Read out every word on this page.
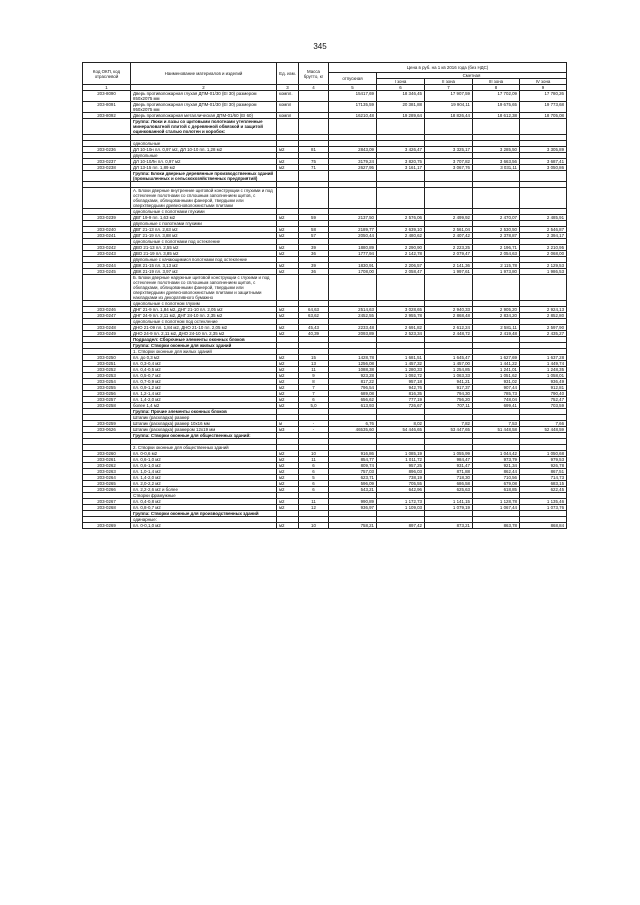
345
Код ОКП, код отраслевой	Наименование материалов и изделий	Ед. изм.	Масса брутто, кг	Цена в руб. на 1 кв 2016 года (без НДС)				
				отпускная	Сметная			
					I зона	II зона	III зона	IV зона
1	2	3	4	5	6	7	8	9
203-8090	Дверь противопожарная глухая ДПМ-01/30 (EI 30) размером 850х2075 мм	компл.		15417,69	18 346,45	17 907,59	17 702,09	17 780,26
203-8091	Дверь противопожарная глухая ДПМ-01/30 (EI 30) размером 950х2075 мм	компл		17135,59	20 381,88	19 904,11	19 675,65	19 773,68
203-8092	Дверь противопожарная металлическая ДПМ-01/60 (EI 60)	компл		16210,48	19 289,64	18 826,44	18 612,38	18 705,08
	Группа: Люки и лазы со щитовыми полотнами утепленные минераловатной плитой с деревянной обвязкой и защитой оцинкованной сталью полотен и коробок:							

	однопольные							
203-0236	ДЛ 10-10н пл. 0,97 м2, ДЛ 10-10 пл. 1,28 м2	м2	81	2843,09	3 426,47	3 325,17	3 285,50	3 305,89
	двупольные							
203-0237	ДЛ 10-10Лн пл. 0,97 м2	м2	75	3179,24	3 820,75	3 707,82	3 663,56	3 687,41
203-0238	ДЛ 13-15 пл. 1,89 м2	м2	71	2627,95	3 161,17	3 067,76	3 031,11	3 050,86
	Группа: Блоки дверные деревянные производственных зданий (промышленных и сельскохозяйственных предприятий)							

	А. Блоки дверные внутренние щитовой конструкции с глухими и под остекление полотнами со сплошным заполнением щитов, с обкладками, облицованными фанерой, твердыми или сверхтвердыми древесноволокнистыми плитами							
	однопольные с полотнами глухими							
203-0239	ДВГ 19-9 пл. 1,63 м2	м2	59	2137,50	2 576,06	2 499,92	2 470,07	2 485,91
	двупольные с полотнами глухими							
203-0240	ДВГ 21-13 пл. 2,63 м2	м2	58	2189,77	2 639,10	2 561,04	2 530,50	2 546,87
203-0241	ДВГ 21-19 пл. 3,88 м2	м2	57	2050,44	2 480,62	2 407,42	2 378,87	2 394,17
	однопольные с полотнами под остекление							
203-0242	ДВО 21-13 пл. 2,55 м2	м2	39	1880,89	2 290,90	2 223,25	2 196,71	2 210,95
203-0243	ДВО 21-19 пл. 3,85 м2	м2	36	1777,94	2 142,78	2 079,47	2 054,63	2 068,00
	двупольные с качающимися полотнами под остекление							
203-0244	ДВК 21-15 пл. 3,13 м2	м2	39	1830,91	2 206,57	2 141,36	2 115,78	2 129,53
203-0245	ДВК 21-19 пл. 3,97 м2	м2	36	1708,00	2 058,47	1 997,61	1 973,80	1 986,53
	Б. Блоки дверные наружные щитовой конструкции с глухими и под остекление полотнами со сплошным заполнением щитов, с обкладками, облицованными фанерой, твердыми или сверхтвердыми древесноволокнистыми плитами и защитными накладками из декоративного бумажно							
	однопольные с полотном глухим							
203-0246	ДНГ 21-9 пл. 1,84 м2, ДНГ 21-10 пл. 2,05 м2	м2	64,63	2514,63	3 028,65	2 940,33	2 905,20	2 924,13
203-0247	ДНГ 24-9 пл. 2,11 м2, ДНГ 24-10 пл. 2,35 м2	м2	63,62	2452,55	2 955,78	2 868,48	2 834,20	2 852,80
	однопольные с полотном под остекление							
203-0248	ДНО 21-09 пл. 1,84 м2, ДНО 21-10 пл. 2,05 м2	м2	45,43	2233,48	2 691,82	2 612,24	2 581,11	2 597,90
203-0249	ДНО 24-9 пл. 2,11 м2, ДНО 24-10 пл. 2,35 м2	м2	40,39	2093,89	2 523,34	2 448,72	2 419,48	2 435,27
	Подраздел: Сборочные элементы оконных блоков							
	Группа: Створки оконные для жилых зданий							
	1. Створки оконные для жилых зданий							
203-0250	пл. до 0,3 м2	м2	15	1428,78	1 681,51	1 645,47	1 627,69	1 637,28
203-0251	пл. 0,3-0,4 м2	м2	13	1256,08	1 457,32	1 457,00	1 441,22	1 449,74
203-0252	пл. 0,4-0,5 м2	м2	11	1088,38	1 280,33	1 254,85	1 241,01	1 248,35
203-0253	пл. 0,5-0,7 м2	м2	9	923,28	1 092,72	1 063,33	1 051,62	1 058,01
203-0254	пл. 0,7-0,9 м2	м2	8	817,22	957,18	941,21	931,02	936,49
203-0255	пл. 0,9-1,2 м2	м2	7	796,54	942,76	917,37	907,44	912,81
203-0256	пл. 1,2-1,4 м2	м2	7	689,08	816,35	794,30	785,73	790,40
203-0257	пл. 1,4-2,0 м2	м2	6	656,62	777,19	756,20	748,04	752,47
203-0258	более 1,4 м2	м2	5,0	613,93	726,67	707,11	699,41	703,59
	Группа: Прочие элементы оконных блоков							
	Штапик (раскладка) размер							
203-0259	Штапик (раскладка) размер 10х16 мм	м	-	6,76	8,02	7,82	7,53	7,66
203-0626	Штапик (раскладка) размером 12х19 мм	м3	-	46535,60	54 446,65	53 447,65	51 448,58	52 448,59
	Группа: Створки оконные для общественных зданий:							

	2. Створки оконные для общественных зданий							
203-0260	пл. 0-0,6 м2	м2	10	916,86	1 085,19	1 055,99	1 044,42	1 050,68
203-0261	пл. 0,6-1,0 м2	м2	11	854,77	1 011,72	984,47	973,79	979,53
203-0262	пл. 0,6-1,0 м2	м2	6	809,74	957,25	931,47	921,34	926,78
203-0263	пл. 1,0-1,4 м2	м2	6	757,03	896,03	871,88	862,44	867,51
203-0264	пл. 1,4-2,0 м2	м2	5	623,71	738,19	718,30	710,56	714,73
203-0265	пл. 2,0-2,2 м2	м2	6	596,09	705,55	686,58	679,08	683,15
203-0266	пл. 2,2-2,6 м2 и более	м2	6	543,21	642,96	625,63	618,85	622,45
	Створки фрамужные							
203-0267	пл. 0,4-0,8 м2	м2	11	990,89	1 172,73	1 141,15	1 128,78	1 135,46
203-0268	пл. 0,8-0,7 м2	м2	12	936,97	1 109,03	1 079,19	1 067,44	1 073,76
	Группа: Створки оконные для производственных зданий							
	одинарные:							
203-0269	пл. 0-0,1,0 м2	м2	10	758,21	897,42	873,21	863,78	868,84
